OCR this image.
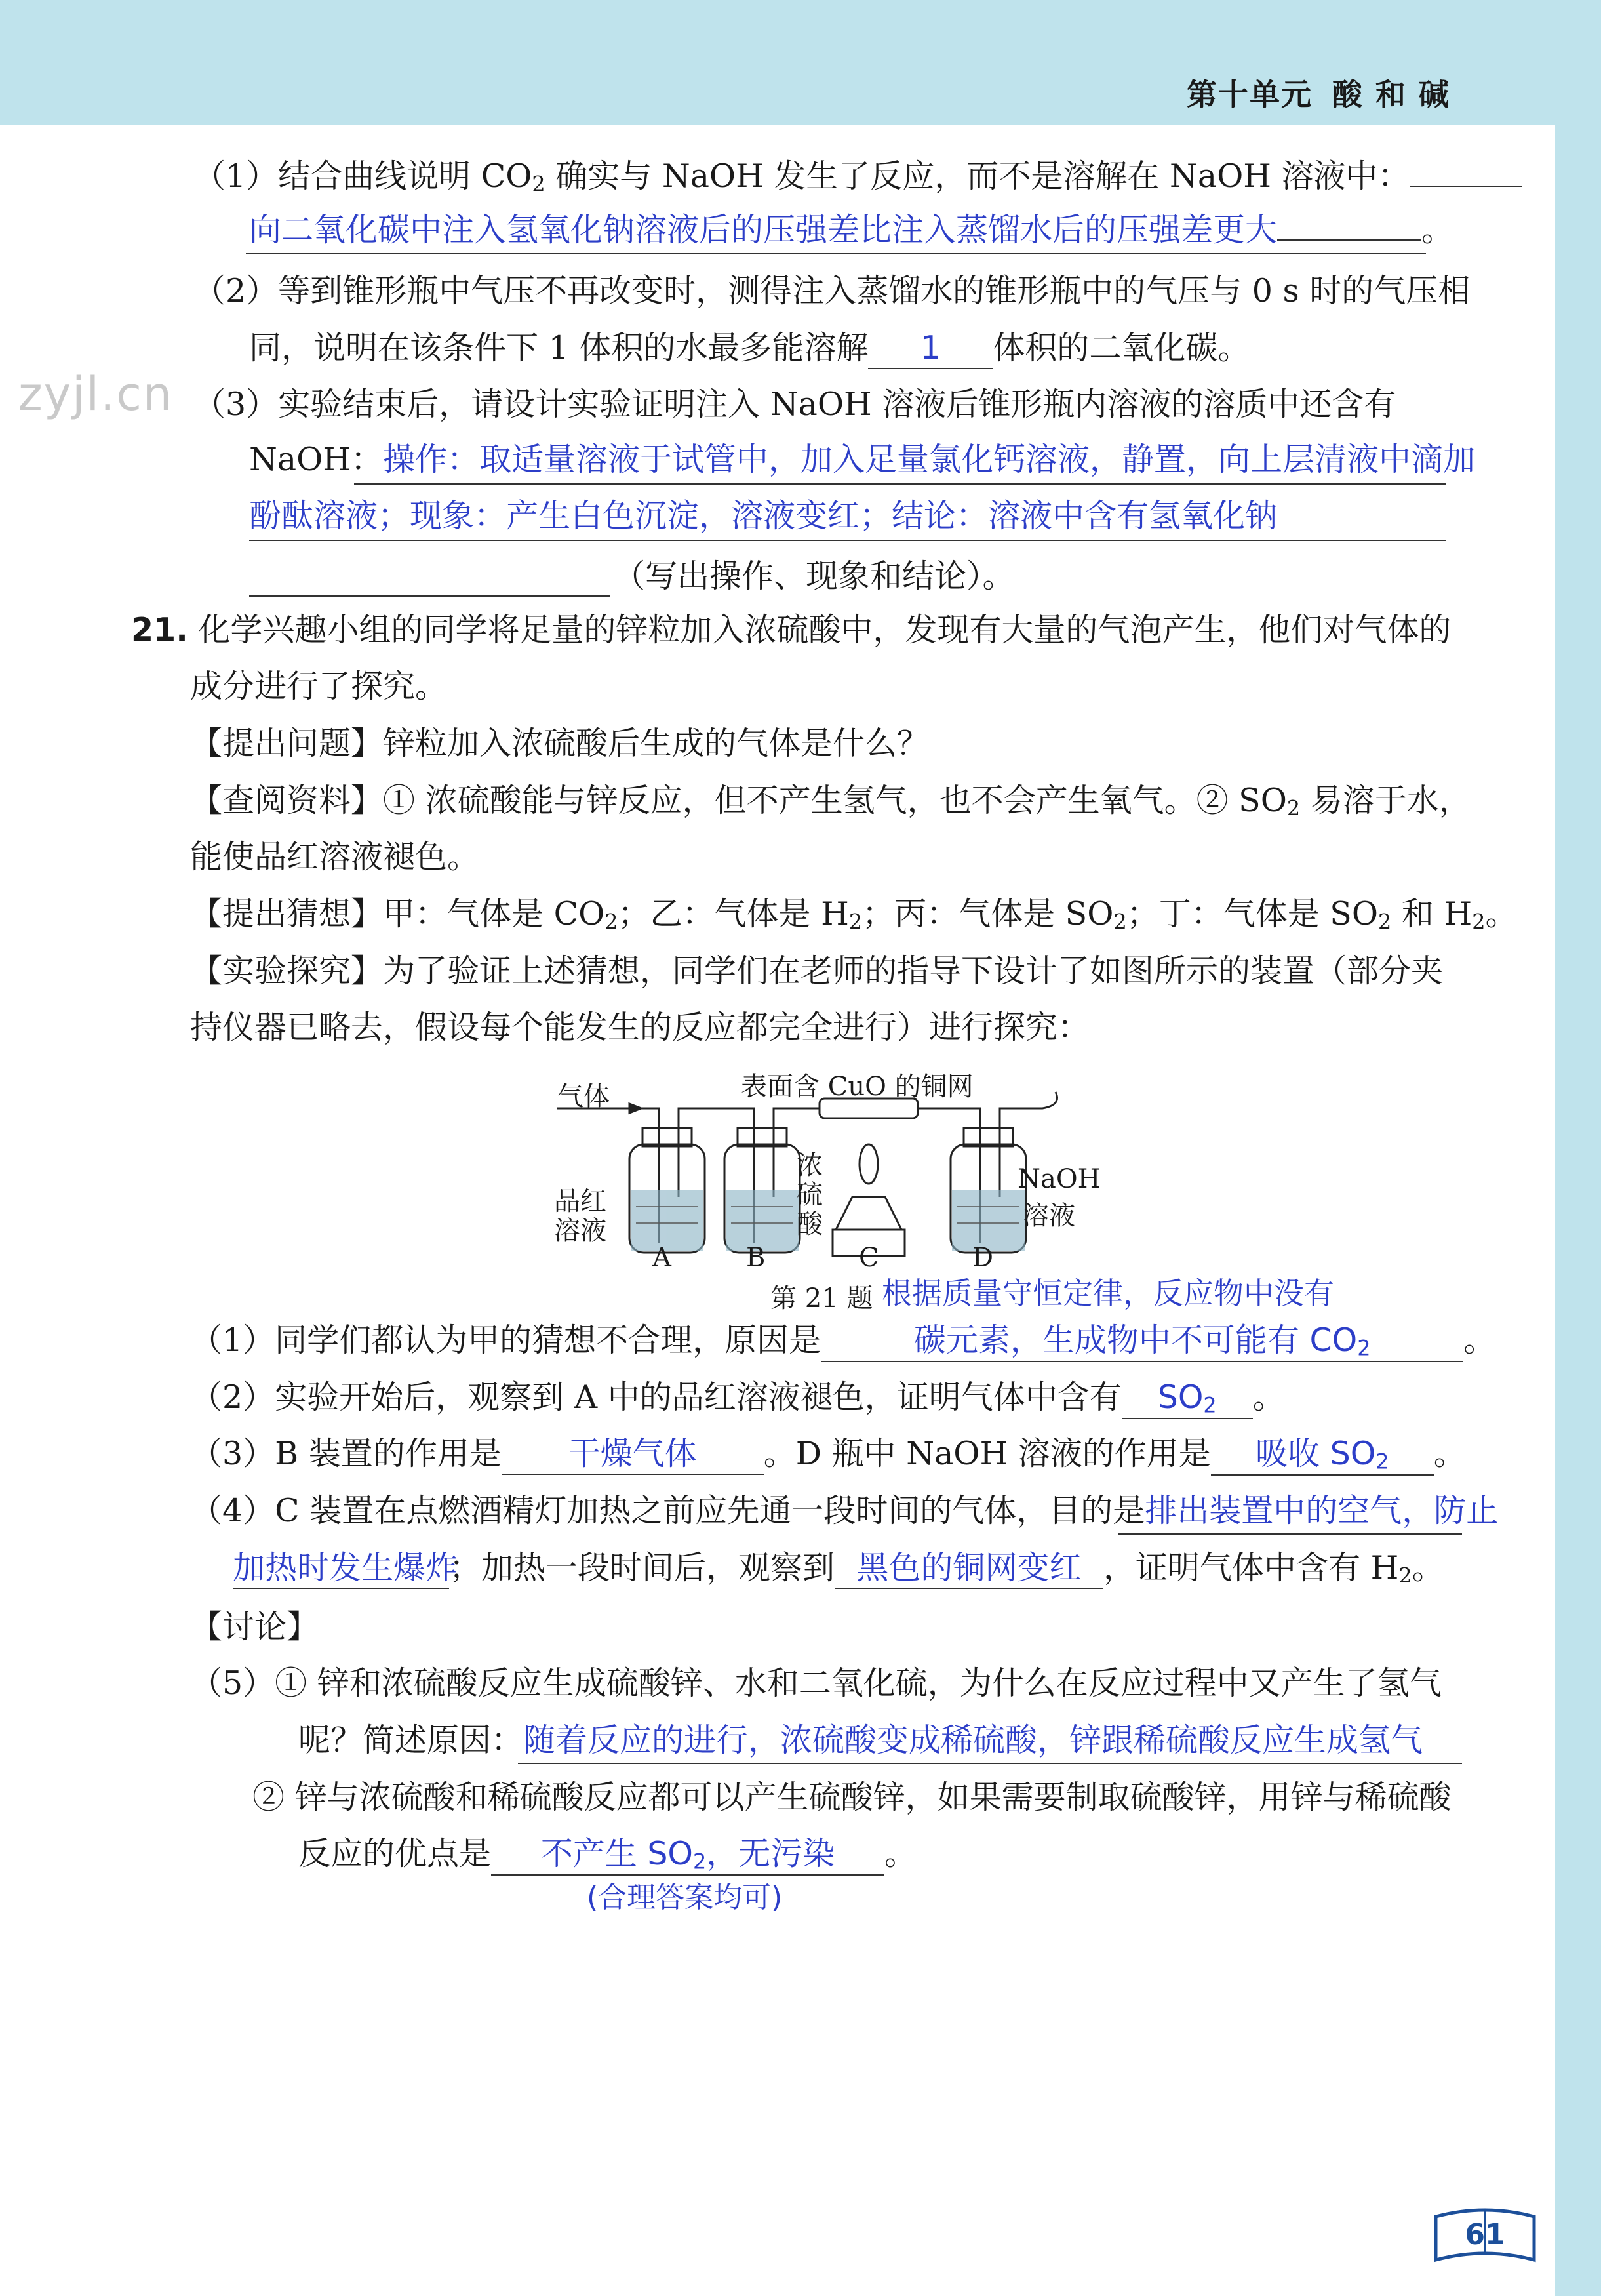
第十单元 酸 和 碱
zyjl.cn
（1）结合曲线说明 $CO_2$ 确实与 NaOH 发生了反应，而不是溶解在 NaOH 溶液中：
向二氧化碳中注入氢氧化钠溶液后的压强差比注入蒸馏水后的压强差更大	。
（2）等到锥形瓶中气压不再改变时，测得注入蒸馏水的锥形瓶中的气压与 0 s 时的气压相
同，说明在该条件下 1 体积的水最多能溶解 1 体积的二氧化碳。
（3）实验结束后，请设计实验证明注入 NaOH 溶液后锥形瓶内溶液的溶质中还含有
NaOH：操作：取适量溶液于试管中，加入足量氯化钙溶液，静置，向上层清液中滴加
酚酞溶液；现象：产生白色沉淀，溶液变红；结论：溶液中含有氢氧化钠
（写出操作、现象和结论）。
21. 化学兴趣小组的同学将足量的锌粒加入浓硫酸中，发现有大量的气泡产生，他们对气体的
成分进行了探究。
【提出问题】锌粒加入浓硫酸后生成的气体是什么？
【查阅资料】① 浓硫酸能与锌反应，但不产生氢气，也不会产生氧气。② $SO_2$ 易溶于水，
能使品红溶液褪色。
【提出猜想】甲：气体是 $CO_2$；乙：气体是 $H_2$；丙：气体是 $SO_2$；丁：气体是 $SO_2$ 和 $H_2$。
【实验探究】为了验证上述猜想，同学们在老师的指导下设计了如图所示的装置（部分夹
持仪器已略去，假设每个能发生的反应都完全进行）进行探究：
气体	表面含 CuO 的铜网
品红
溶液
浓
硫
酸
NaOH
溶液
A	B	C	D
第 21 题 根据质量守恒定律，反应物中没有
（1）同学们都认为甲的猜想不合理，原因是	碳元素，生成物中不可能有 $CO_2$	。
（2）实验开始后，观察到 A 中的品红溶液褪色，证明气体中含有 $SO_2$ 。
（3）B 装置的作用是 干燥气体 。D 瓶中 NaOH 溶液的作用是 吸收 $SO_2$ 。
（4）C 装置在点燃酒精灯加热之前应先通一段时间的气体，目的是排出装置中的空气，防止
加热时发生爆炸；加热一段时间后，观察到 黑色的铜网变红 ，证明气体中含有 $H_2$。
【讨论】
（5）① 锌和浓硫酸反应生成硫酸锌、水和二氧化硫，为什么在反应过程中又产生了氢气
呢？简述原因：随着反应的进行，浓硫酸变成稀硫酸，锌跟稀硫酸反应生成氢气
② 锌与浓硫酸和稀硫酸反应都可以产生硫酸锌，如果需要制取硫酸锌，用锌与稀硫酸
反应的优点是 不产生 $SO_2$，无污染 。
(合理答案均可)
61
